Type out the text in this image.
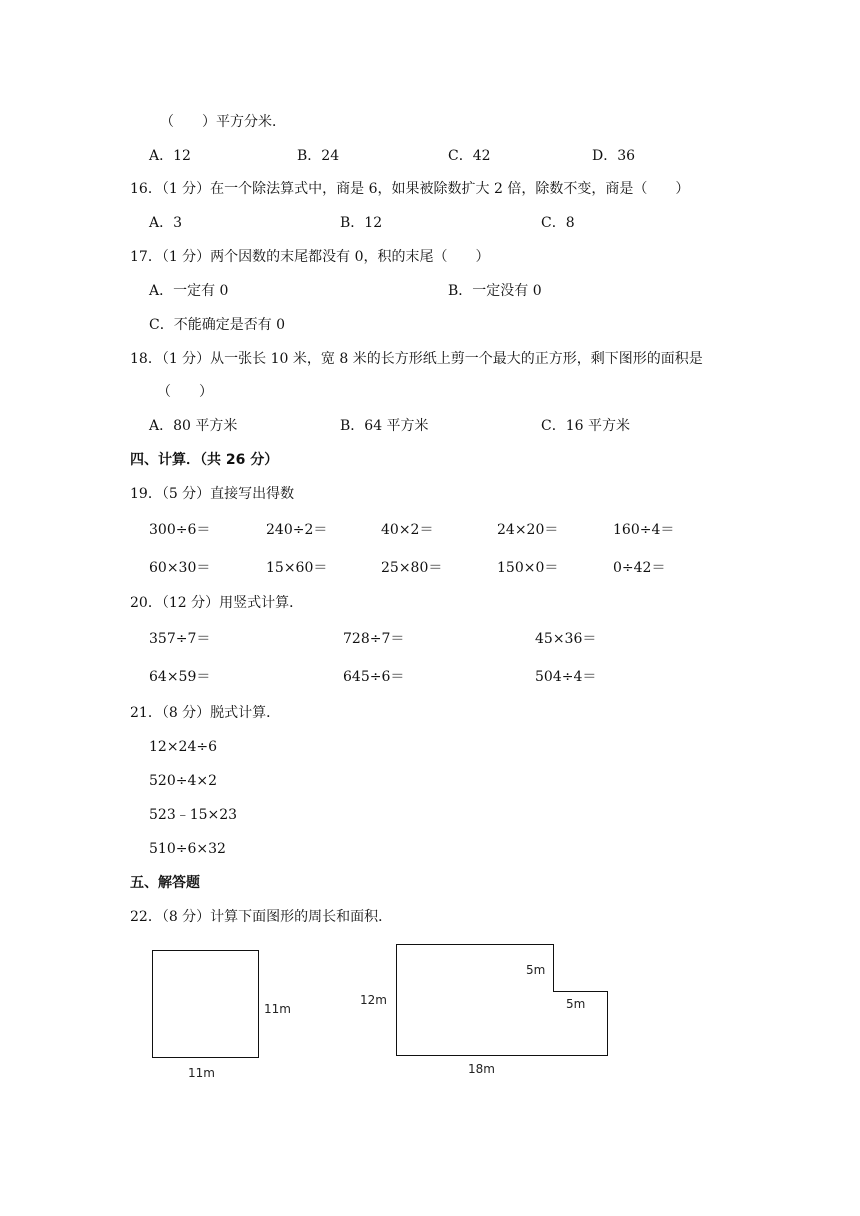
（　　）平方分米．
A．12	B．24	C．42	D．36
16．（1 分）在一个除法算式中，商是 6，如果被除数扩大 2 倍，除数不变，商是（　　）
A．3	B．12	C．8
17．（1 分）两个因数的末尾都没有 0，积的末尾（　　）
A．一定有 0	B．一定没有 0
C．不能确定是否有 0
18．（1 分）从一张长 10 米，宽 8 米的长方形纸上剪一个最大的正方形，剩下图形的面积是
（　　）
A．80 平方米	B．64 平方米	C．16 平方米
四、计算．（共 26 分）
19．（5 分）直接写出得数
300÷6＝	240÷2＝	40×2＝	24×20＝	160÷4＝
60×30＝	15×60＝	25×80＝	150×0＝	0÷42＝
20．（12 分）用竖式计算．
357÷7＝	728÷7＝	45×36＝
64×59＝	645÷6＝	504÷4＝
21．（8 分）脱式计算．
12×24÷6
520÷4×2
523﹣15×23
510÷6×32
五、解答题
22．（8 分）计算下面图形的周长和面积．
11m
11m
12m
5m
5m
18m
